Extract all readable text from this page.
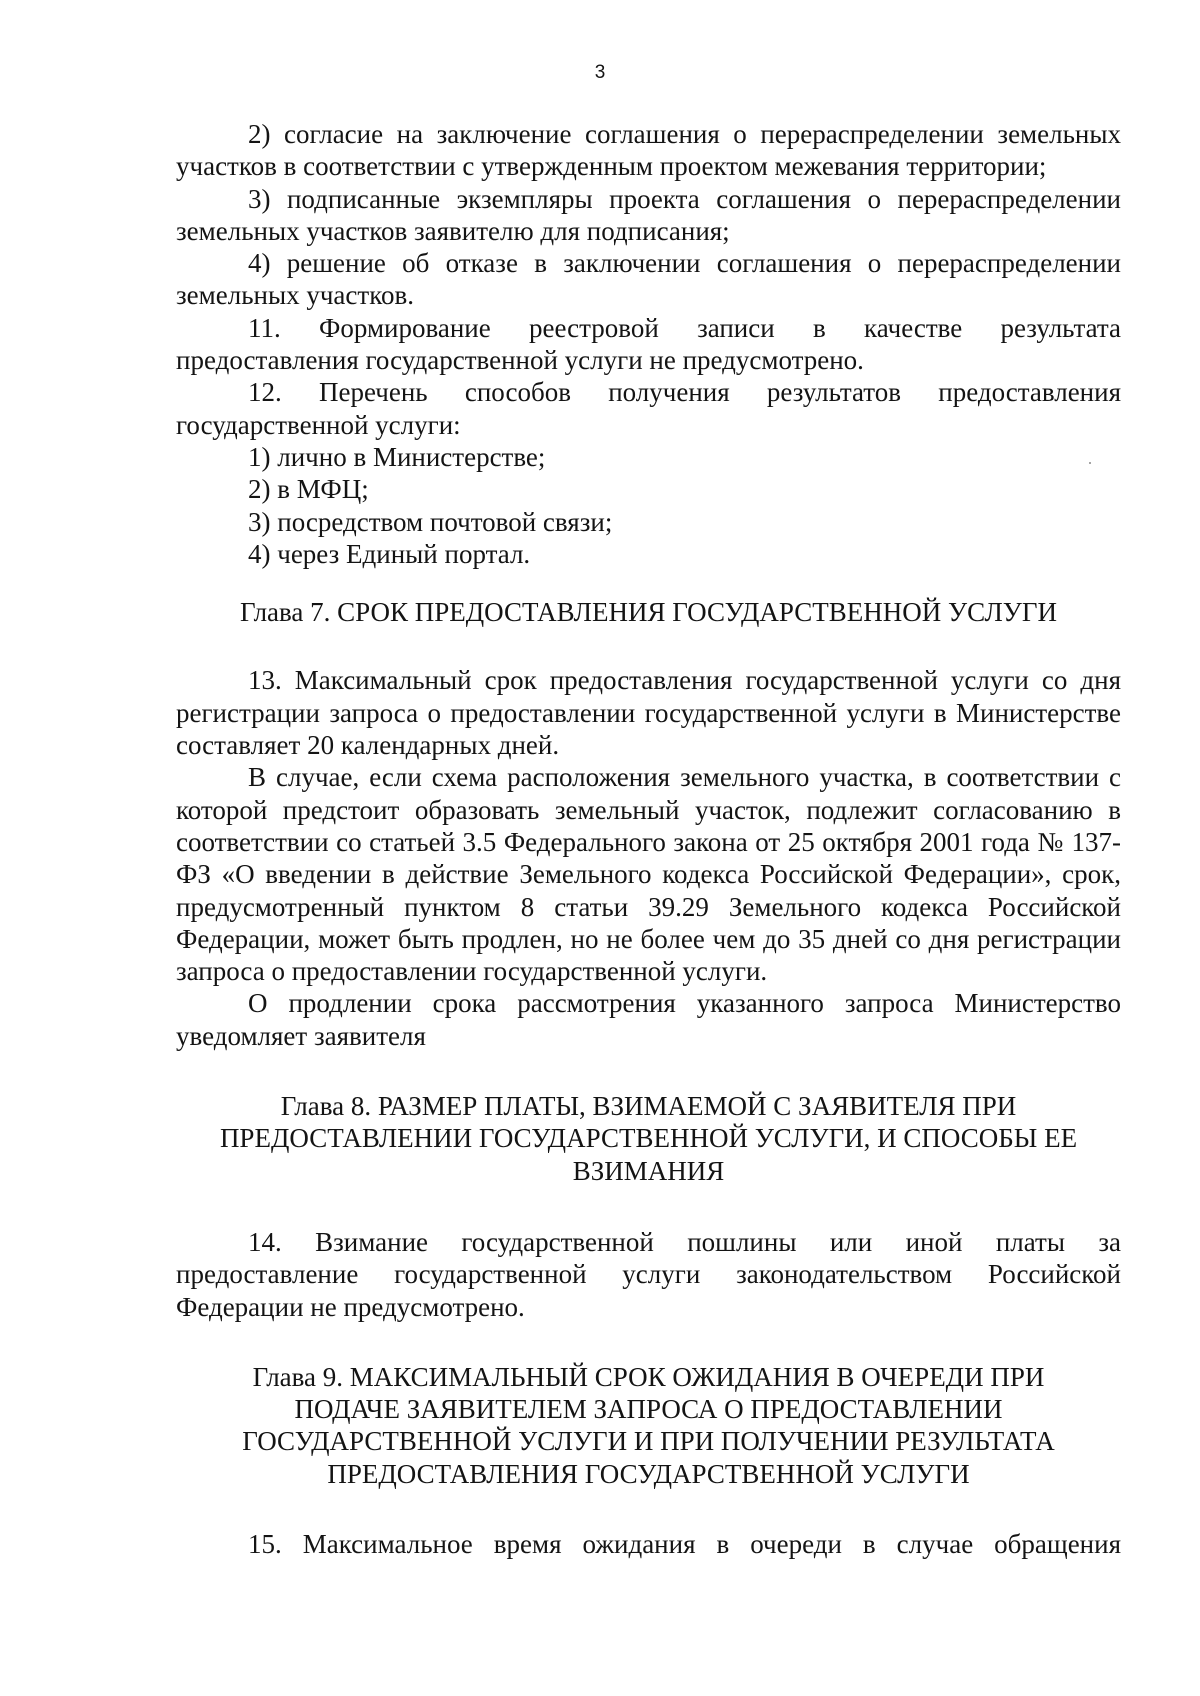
3

2) согласие на заключение соглашения о перераспределении земельных участков в соответствии с утвержденным проектом межевания территории;

3) подписанные экземпляры проекта соглашения о перераспределении земельных участков заявителю для подписания;

4) решение об отказе в заключении соглашения о перераспределении земельных участков.

11. Формирование реестровой записи в качестве результата предоставления государственной услуги не предусмотрено.

12. Перечень способов получения результатов предоставления государственной услуги:

1) лично в Министерстве;

2) в МФЦ;

3) посредством почтовой связи;

4) через Единый портал.

Глава 7. СРОК ПРЕДОСТАВЛЕНИЯ ГОСУДАРСТВЕННОЙ УСЛУГИ

13. Максимальный срок предоставления государственной услуги со дня регистрации запроса о предоставлении государственной услуги в Министерстве составляет 20 календарных дней.

В случае, если схема расположения земельного участка, в соответствии с которой предстоит образовать земельный участок, подлежит согласованию в соответствии со статьей 3.5 Федерального закона от 25 октября 2001 года № 137-ФЗ «О введении в действие Земельного кодекса Российской Федерации», срок, предусмотренный пунктом 8 статьи 39.29 Земельного кодекса Российской Федерации, может быть продлен, но не более чем до 35 дней со дня регистрации запроса о предоставлении государственной услуги.

О продлении срока рассмотрения указанного запроса Министерство уведомляет заявителя

Глава 8. РАЗМЕР ПЛАТЫ, ВЗИМАЕМОЙ С ЗАЯВИТЕЛЯ ПРИ
ПРЕДОСТАВЛЕНИИ ГОСУДАРСТВЕННОЙ УСЛУГИ, И СПОСОБЫ ЕЕ
ВЗИМАНИЯ

14. Взимание государственной пошлины или иной платы за предоставление государственной услуги законодательством Российской Федерации не предусмотрено.

Глава 9. МАКСИМАЛЬНЫЙ СРОК ОЖИДАНИЯ В ОЧЕРЕДИ ПРИ
ПОДАЧЕ ЗАЯВИТЕЛЕМ ЗАПРОСА О ПРЕДОСТАВЛЕНИИ
ГОСУДАРСТВЕННОЙ УСЛУГИ И ПРИ ПОЛУЧЕНИИ РЕЗУЛЬТАТА
ПРЕДОСТАВЛЕНИЯ ГОСУДАРСТВЕННОЙ УСЛУГИ

15. Максимальное время ожидания в очереди в случае обращения
